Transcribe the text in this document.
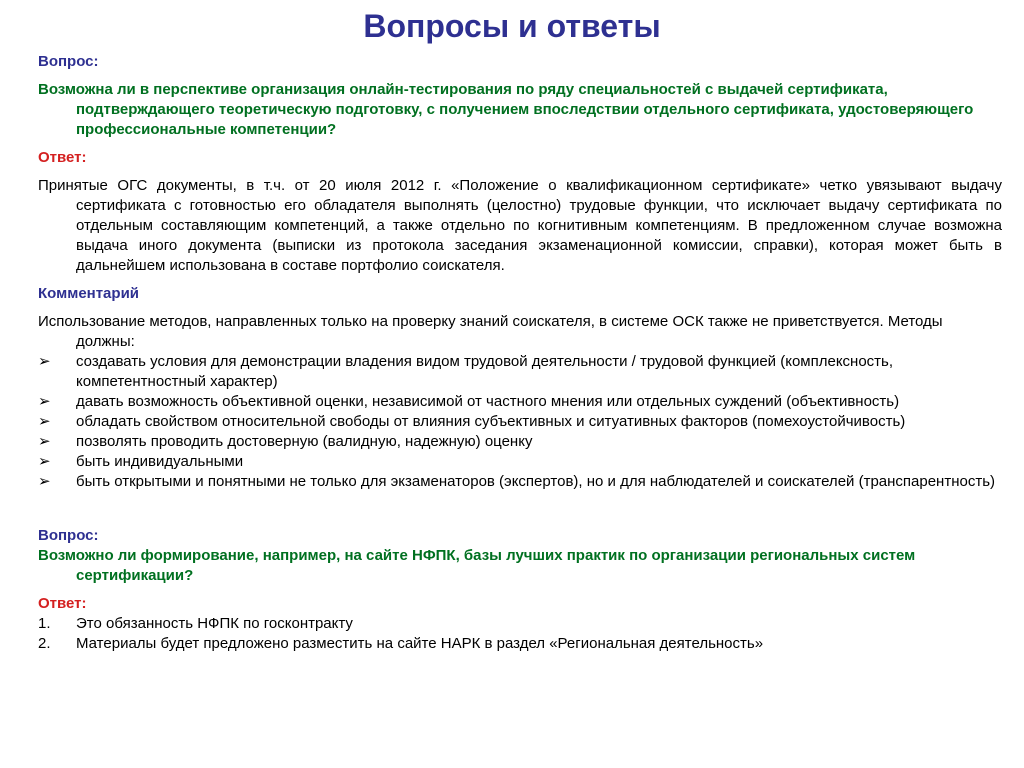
Вопросы и ответы

Вопрос:

Возможна ли в перспективе организация онлайн-тестирования по ряду специальностей с выдачей сертификата, подтверждающего теоретическую подготовку, с получением впоследствии отдельного сертификата, удостоверяющего профессиональные компетенции?

Ответ:

Принятые ОГС документы, в т.ч. от 20 июля 2012 г. «Положение о квалификационном сертификате» четко увязывают выдачу сертификата с готовностью его обладателя выполнять (целостно) трудовые функции, что исключает выдачу сертификата по отдельным составляющим компетенций, а также отдельно по когнитивным компетенциям. В предложенном случае возможна выдача иного документа (выписки из протокола заседания экзаменационной комиссии, справки), которая может быть в дальнейшем использована в составе портфолио соискателя.

Комментарий

Использование методов, направленных только на проверку знаний соискателя, в системе ОСК также не приветствуется. Методы должны:

➢	создавать условия для демонстрации владения видом трудовой деятельности / трудовой функцией (комплексность, компетентностный характер)
➢	давать возможность объективной оценки, независимой от частного мнения или отдельных суждений (объективность)
➢	обладать свойством относительной свободы от влияния субъективных и ситуативных факторов (помехоустойчивость)
➢	позволять проводить достоверную (валидную, надежную) оценку
➢	быть индивидуальными
➢	быть открытыми и понятными не только для экзаменаторов (экспертов), но и для наблюдателей и соискателей (транспарентность)

Вопрос:

Возможно ли формирование, например, на сайте НФПК, базы лучших практик по организации региональных систем сертификации?

Ответ:

1.	Это обязанность НФПК по госконтракту
2.	Материалы будет предложено разместить на сайте НАРК в раздел «Региональная деятельность»
